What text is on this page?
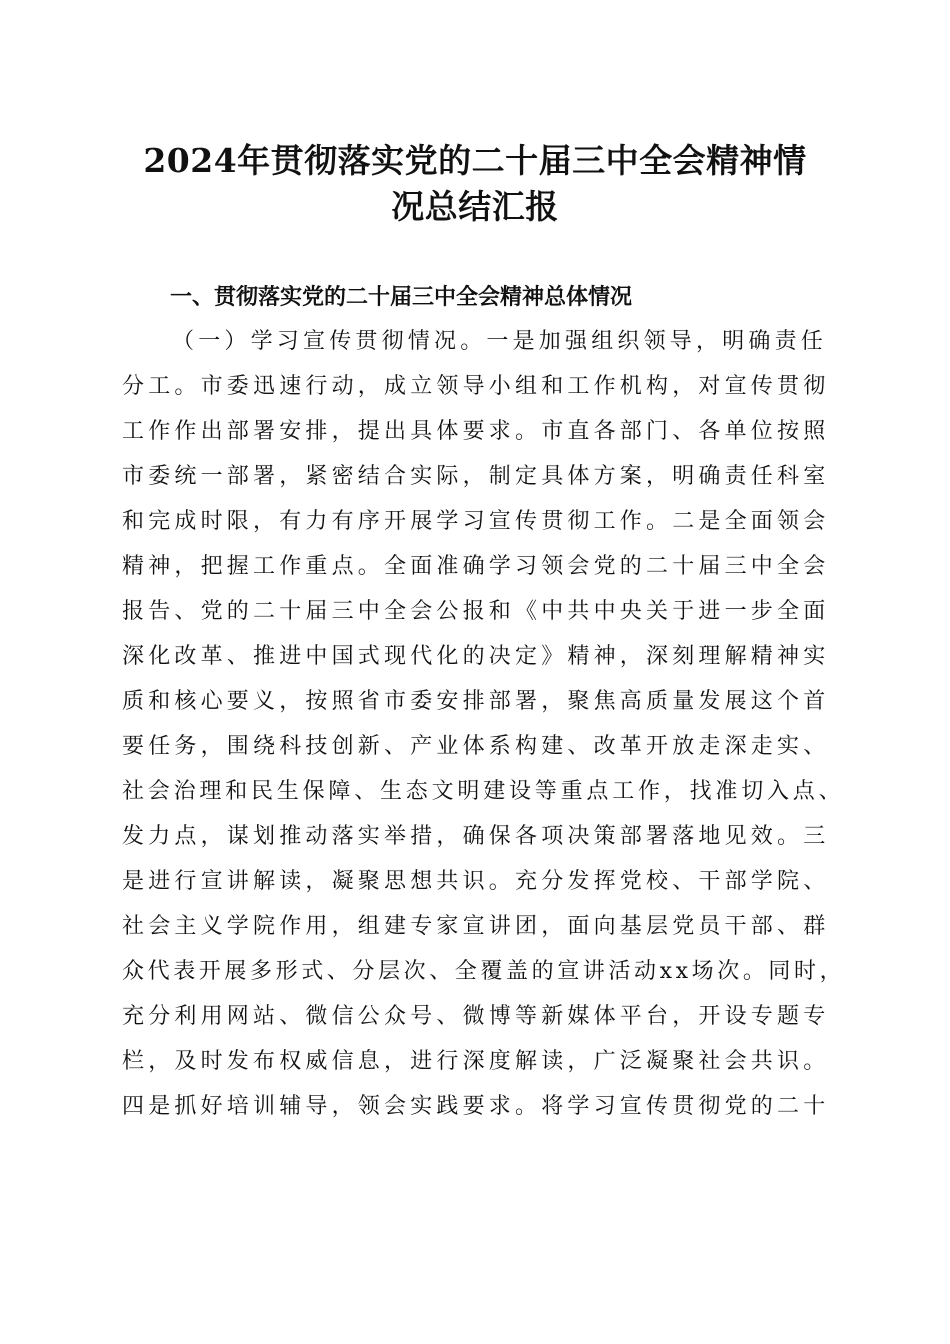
2024年贯彻落实党的二十届三中全会精神情
况总结汇报
一、贯彻落实党的二十届三中全会精神总体情况
（一）学习宣传贯彻情况。一是加强组织领导，明确责任
分工。市委迅速行动，成立领导小组和工作机构，对宣传贯彻
工作作出部署安排，提出具体要求。市直各部门、各单位按照
市委统一部署，紧密结合实际，制定具体方案，明确责任科室
和完成时限，有力有序开展学习宣传贯彻工作。二是全面领会
精神，把握工作重点。全面准确学习领会党的二十届三中全会
报告、党的二十届三中全会公报和《中共中央关于进一步全面
深化改革、推进中国式现代化的决定》精神，深刻理解精神实
质和核心要义，按照省市委安排部署，聚焦高质量发展这个首
要任务，围绕科技创新、产业体系构建、改革开放走深走实、
社会治理和民生保障、生态文明建设等重点工作，找准切入点、
发力点，谋划推动落实举措，确保各项决策部署落地见效。三
是进行宣讲解读，凝聚思想共识。充分发挥党校、干部学院、
社会主义学院作用，组建专家宣讲团，面向基层党员干部、群
众代表开展多形式、分层次、全覆盖的宣讲活动xx场次。同时，
充分利用网站、微信公众号、微博等新媒体平台，开设专题专
栏，及时发布权威信息，进行深度解读，广泛凝聚社会共识。
四是抓好培训辅导，领会实践要求。将学习宣传贯彻党的二十
